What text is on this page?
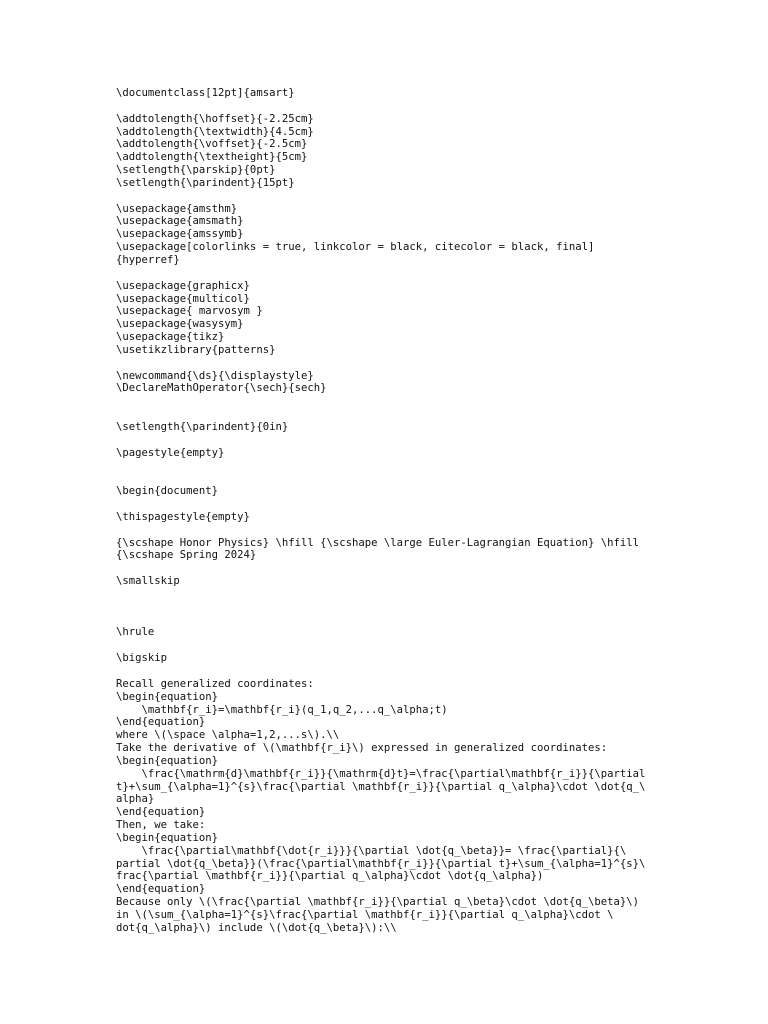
\documentclass[12pt]{amsart}
\addtolength{\hoffset}{-2.25cm}
\addtolength{\textwidth}{4.5cm}
\addtolength{\voffset}{-2.5cm}
\addtolength{\textheight}{5cm}
\setlength{\parskip}{0pt}
\setlength{\parindent}{15pt}
\usepackage{amsthm}
\usepackage{amsmath}
\usepackage{amssymb}
\usepackage[colorlinks = true, linkcolor = black, citecolor = black, final]
{hyperref}
\usepackage{graphicx}
\usepackage{multicol}
\usepackage{ marvosym }
\usepackage{wasysym}
\usepackage{tikz}
\usetikzlibrary{patterns}
\newcommand{\ds}{\displaystyle}
\DeclareMathOperator{\sech}{sech}
\setlength{\parindent}{0in}
\pagestyle{empty}
\begin{document}
\thispagestyle{empty}
{\scshape Honor Physics} \hfill {\scshape \large Euler-Lagrangian Equation} \hfill
{\scshape Spring 2024}
\smallskip
\hrule
\bigskip
Recall generalized coordinates:
\begin{equation}
\mathbf{r_i}=\mathbf{r_i}(q_1,q_2,...q_\alpha;t)
\end{equation}
where \(\space \alpha=1,2,...s\).\\
Take the derivative of \(\mathbf{r_i}\) expressed in generalized coordinates:
\begin{equation}
\frac{\mathrm{d}\mathbf{r_i}}{\mathrm{d}t}=\frac{\partial\mathbf{r_i}}{\partial
t}+\sum_{\alpha=1}^{s}\frac{\partial \mathbf{r_i}}{\partial q_\alpha}\cdot \dot{q_\
alpha}
\end{equation}
Then, we take:
\begin{equation}
\frac{\partial\mathbf{\dot{r_i}}}{\partial \dot{q_\beta}}= \frac{\partial}{\
partial \dot{q_\beta}}(\frac{\partial\mathbf{r_i}}{\partial t}+\sum_{\alpha=1}^{s}\
frac{\partial \mathbf{r_i}}{\partial q_\alpha}\cdot \dot{q_\alpha})
\end{equation}
Because only \(\frac{\partial \mathbf{r_i}}{\partial q_\beta}\cdot \dot{q_\beta}\)
in \(\sum_{\alpha=1}^{s}\frac{\partial \mathbf{r_i}}{\partial q_\alpha}\cdot \
dot{q_\alpha}\) include \(\dot{q_\beta}\):\\
